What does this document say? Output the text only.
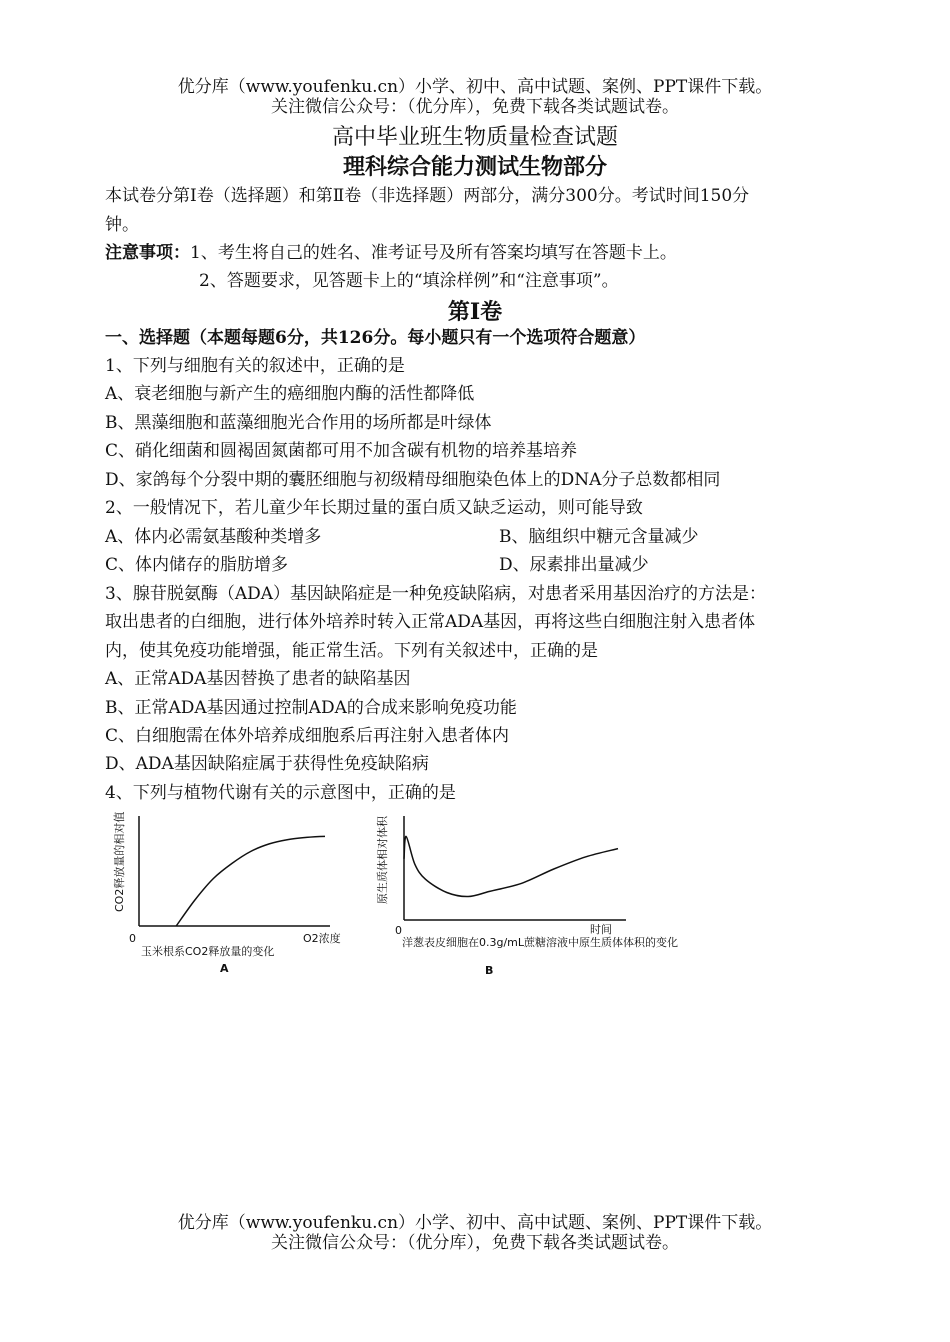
优分库（www.youfenku.cn）小学、初中、高中试题、案例、PPT课件下载。
关注微信公众号：（优分库），免费下载各类试题试卷。
高中毕业班生物质量检查试题
理科综合能力测试生物部分
本试卷分第Ⅰ卷（选择题）和第Ⅱ卷（非选择题）两部分，满分300分。考试时间150分
钟。
注意事项：1、考生将自己的姓名、准考证号及所有答案均填写在答题卡上。
2、答题要求，见答题卡上的“填涂样例”和“注意事项”。
第Ⅰ卷
一、选择题（本题每题6分，共126分。每小题只有一个选项符合题意）
1、下列与细胞有关的叙述中，正确的是
A、衰老细胞与新产生的癌细胞内酶的活性都降低
B、黑藻细胞和蓝藻细胞光合作用的场所都是叶绿体
C、硝化细菌和圆褐固氮菌都可用不加含碳有机物的培养基培养
D、家鸽每个分裂中期的囊胚细胞与初级精母细胞染色体上的DNA分子总数都相同
2、一般情况下，若儿童少年长期过量的蛋白质又缺乏运动，则可能导致
A、体内必需氨基酸种类增多	B、脑组织中糖元含量减少
C、体内储存的脂肪增多	D、尿素排出量减少
3、腺苷脱氨酶（ADA）基因缺陷症是一种免疫缺陷病，对患者采用基因治疗的方法是：
取出患者的白细胞，进行体外培养时转入正常ADA基因，再将这些白细胞注射入患者体
内，使其免疫功能增强，能正常生活。下列有关叙述中，正确的是
A、正常ADA基因替换了患者的缺陷基因
B、正常ADA基因通过控制ADA的合成来影响免疫功能
C、白细胞需在体外培养成细胞系后再注射入患者体内
D、ADA基因缺陷症属于获得性免疫缺陷病
4、下列与植物代谢有关的示意图中，正确的是
0
CO2释放量的相对值
O2浓度
玉米根系CO2释放量的变化
A
0
原生质体相对体积
时间
洋葱表皮细胞在0.3g/mL蔗糖溶液中原生质体体积的变化
B
优分库（www.youfenku.cn）小学、初中、高中试题、案例、PPT课件下载。
关注微信公众号：（优分库），免费下载各类试题试卷。
